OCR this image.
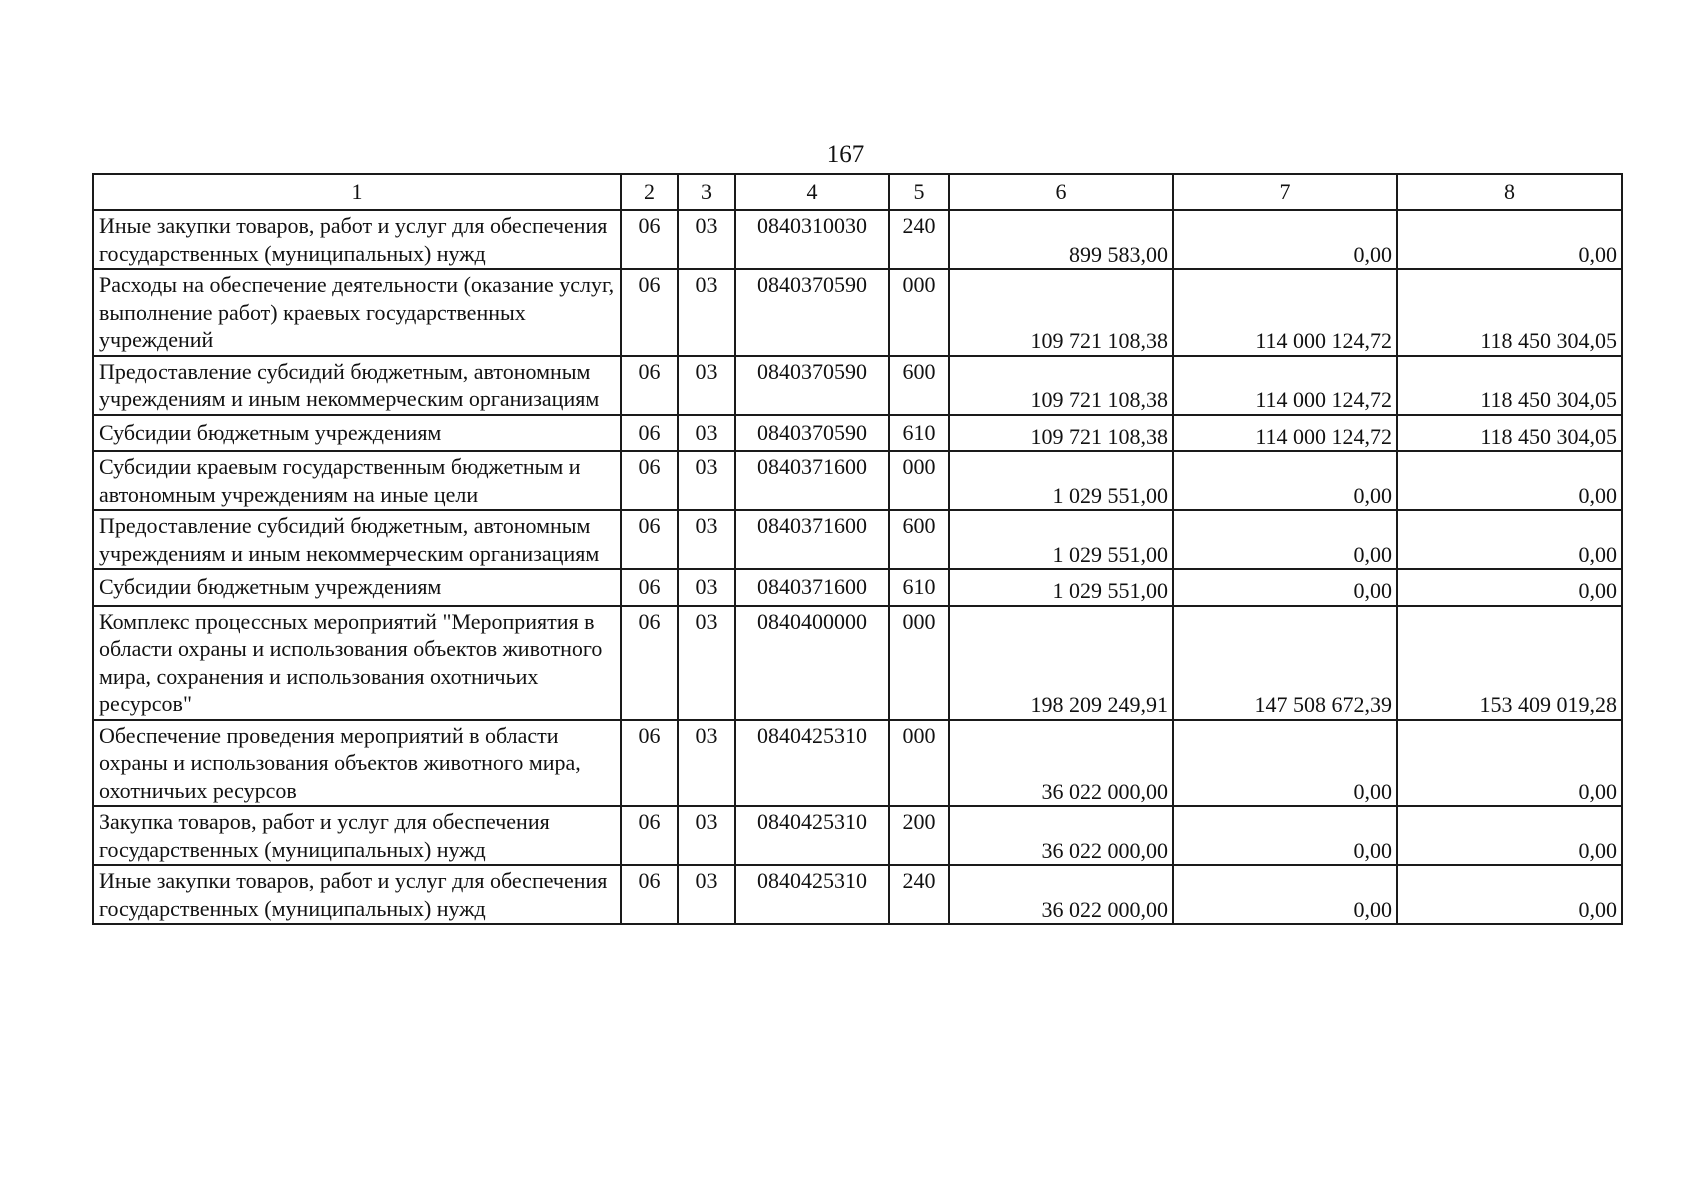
167
1	2	3	4	5	6	7	8
Иные закупки товаров, работ и услуг для обеспечения государственных (муниципальных) нужд	06	03	0840310030	240	899 583,00	0,00	0,00
Расходы на обеспечение деятельности (оказание услуг, выполнение работ) краевых государственных учреждений	06	03	0840370590	000	109 721 108,38	114 000 124,72	118 450 304,05
Предоставление субсидий бюджетным, автономным учреждениям и иным некоммерческим организациям	06	03	0840370590	600	109 721 108,38	114 000 124,72	118 450 304,05
Субсидии бюджетным учреждениям	06	03	0840370590	610	109 721 108,38	114 000 124,72	118 450 304,05
Субсидии краевым государственным бюджетным и автономным учреждениям на иные цели	06	03	0840371600	000	1 029 551,00	0,00	0,00
Предоставление субсидий бюджетным, автономным учреждениям и иным некоммерческим организациям	06	03	0840371600	600	1 029 551,00	0,00	0,00
Субсидии бюджетным учреждениям	06	03	0840371600	610	1 029 551,00	0,00	0,00
Комплекс процессных мероприятий "Мероприятия в области охраны и использования объектов животного мира, сохранения и использования охотничьих ресурсов"	06	03	0840400000	000	198 209 249,91	147 508 672,39	153 409 019,28
Обеспечение проведения мероприятий в области охраны и использования объектов животного мира, охотничьих ресурсов	06	03	0840425310	000	36 022 000,00	0,00	0,00
Закупка товаров, работ и услуг для обеспечения государственных (муниципальных) нужд	06	03	0840425310	200	36 022 000,00	0,00	0,00
Иные закупки товаров, работ и услуг для обеспечения государственных (муниципальных) нужд	06	03	0840425310	240	36 022 000,00	0,00	0,00
